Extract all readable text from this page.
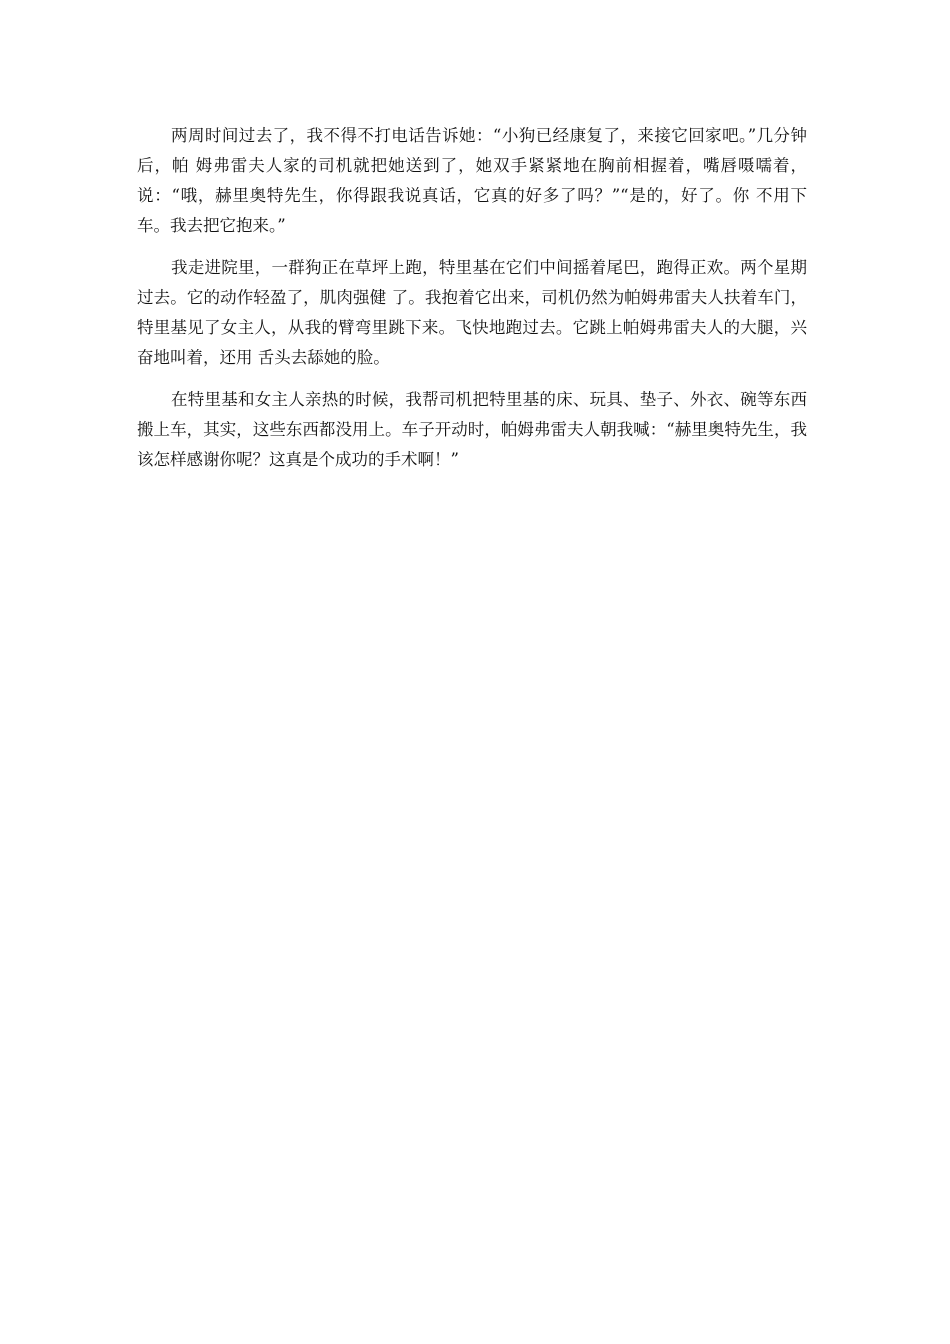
两周时间过去了，我不得不打电话告诉她：“小狗已经康复了，来接它回家吧。”几分钟后，帕 姆弗雷夫人家的司机就把她送到了，她双手紧紧地在胸前相握着，嘴唇嗫嚅着，说：“哦，赫里奥特先生，你得跟我说真话，它真的好多了吗？”“是的，好了。你 不用下车。我去把它抱来。”

我走进院里，一群狗正在草坪上跑，特里基在它们中间摇着尾巴，跑得正欢。两个星期过去。它的动作轻盈了，肌肉强健 了。我抱着它出来，司机仍然为帕姆弗雷夫人扶着车门，特里基见了女主人，从我的臂弯里跳下来。飞快地跑过去。它跳上帕姆弗雷夫人的大腿，兴奋地叫着，还用 舌头去舔她的脸。

在特里基和女主人亲热的时候，我帮司机把特里基的床、玩具、垫子、外衣、碗等东西搬上车，其实，这些东西都没用上。车子开动时，帕姆弗雷夫人朝我喊：“赫里奥特先生，我该怎样感谢你呢？这真是个成功的手术啊！”
